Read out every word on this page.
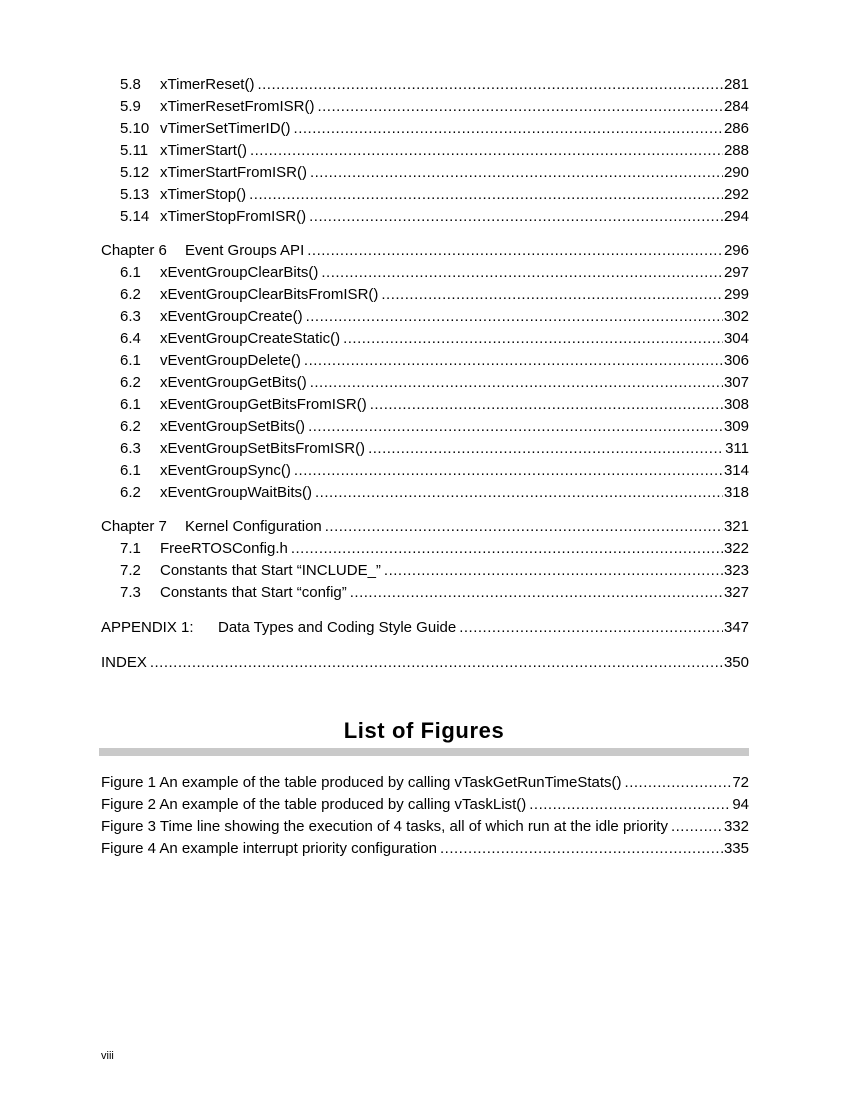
5.8	xTimerReset() .....	281
5.9	xTimerResetFromISR() .....	284
5.10 vTimerSetTimerID() .....	286
5.11 xTimerStart() .....	288
5.12 xTimerStartFromISR() .....	290
5.13 xTimerStop() .....	292
5.14 xTimerStopFromISR() .....	294
Chapter 6	Event Groups API .....	296
6.1	xEventGroupClearBits() .....	297
6.2	xEventGroupClearBitsFromISR() .....	299
6.3	xEventGroupCreate() .....	302
6.4	xEventGroupCreateStatic() .....	304
6.1	vEventGroupDelete() .....	306
6.2	xEventGroupGetBits() .....	307
6.1	xEventGroupGetBitsFromISR() .....	308
6.2	xEventGroupSetBits() .....	309
6.3	xEventGroupSetBitsFromISR() .....	311
6.1	xEventGroupSync() .....	314
6.2	xEventGroupWaitBits() .....	318
Chapter 7	Kernel Configuration .....	321
7.1	FreeRTOSConfig.h .....	322
7.2	Constants that Start “INCLUDE_” .....	323
7.3	Constants that Start “config” .....	327
APPENDIX 1:	Data Types and Coding Style Guide .....	347
INDEX .....	350
List of Figures
Figure 1 An example of the table produced by calling vTaskGetRunTimeStats() .....	72
Figure 2 An example of the table produced by calling vTaskList() .....	94
Figure 3 Time line showing the execution of 4 tasks, all of which run at the idle priority .....	332
Figure 4 An example interrupt priority configuration .....	335
viii
